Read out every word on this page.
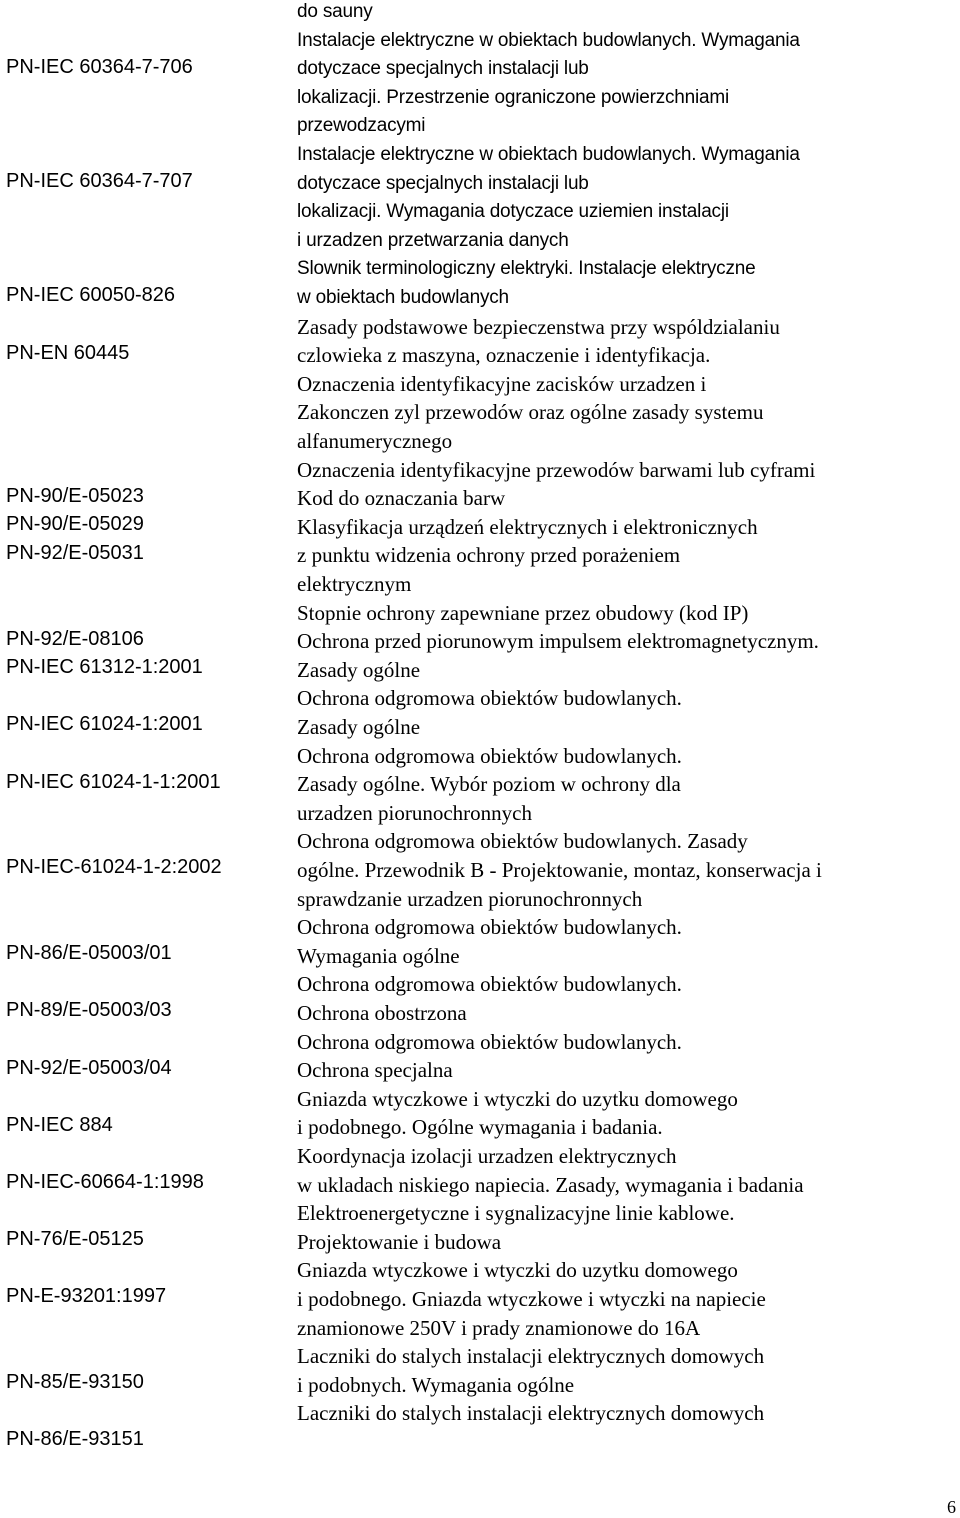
do sauny
PN-IEC 60364-7-706
Instalacje elektryczne w obiektach budowlanych. Wymagania
dotyczace specjalnych instalacji lub
lokalizacji. Przestrzenie ograniczone powierzchniami
przewodzacymi
PN-IEC 60364-7-707
Instalacje elektryczne w obiektach budowlanych. Wymagania
dotyczace specjalnych instalacji lub
lokalizacji. Wymagania dotyczace uziemien instalacji
i urzadzen przetwarzania danych
PN-IEC 60050-826
Slownik terminologiczny elektryki. Instalacje elektryczne
w obiektach budowlanych
PN-EN 60445
Zasady podstawowe bezpieczenstwa przy wspóldzialaniu
czlowieka z maszyna, oznaczenie i identyfikacja.
Oznaczenia identyfikacyjne zacisków urzadzen i
Zakonczen zyl przewodów oraz ogólne zasady systemu
alfanumerycznego
PN-90/E-05023
Oznaczenia identyfikacyjne przewodów barwami lub cyframi
PN-90/E-05029
Kod do oznaczania barw
PN-92/E-05031
Klasyfikacja urządzeń elektrycznych i elektronicznych
z punktu widzenia ochrony przed porażeniem
elektrycznym
PN-92/E-08106
Stopnie ochrony zapewniane przez obudowy (kod IP)
PN-IEC 61312-1:2001
Ochrona przed piorunowym impulsem elektromagnetycznym.
Zasady ogólne
PN-IEC 61024-1:2001
Ochrona odgromowa obiektów budowlanych.
Zasady ogólne
PN-IEC 61024-1-1:2001
Ochrona odgromowa obiektów budowlanych.
Zasady ogólne. Wybór poziom w ochrony dla
urzadzen piorunochronnych
PN-IEC-61024-1-2:2002
Ochrona odgromowa obiektów budowlanych. Zasady
ogólne. Przewodnik B - Projektowanie, montaz, konserwacja i
sprawdzanie urzadzen piorunochronnych
PN-86/E-05003/01
Ochrona odgromowa obiektów budowlanych.
Wymagania ogólne
PN-89/E-05003/03
Ochrona odgromowa obiektów budowlanych.
Ochrona obostrzona
PN-92/E-05003/04
Ochrona odgromowa obiektów budowlanych.
Ochrona specjalna
PN-IEC 884
Gniazda wtyczkowe i wtyczki do uzytku domowego
i podobnego. Ogólne wymagania i badania.
PN-IEC-60664-1:1998
Koordynacja izolacji urzadzen elektrycznych
w ukladach niskiego napiecia. Zasady, wymagania i badania
PN-76/E-05125
Elektroenergetyczne i sygnalizacyjne linie kablowe.
Projektowanie i budowa
PN-E-93201:1997
Gniazda wtyczkowe i wtyczki do uzytku domowego
i podobnego. Gniazda wtyczkowe i wtyczki na napiecie
znamionowe 250V i prady znamionowe do 16A
PN-85/E-93150
Laczniki do stalych instalacji elektrycznych domowych
i podobnych. Wymagania ogólne
PN-86/E-93151
Laczniki do stalych instalacji elektrycznych domowych
6
